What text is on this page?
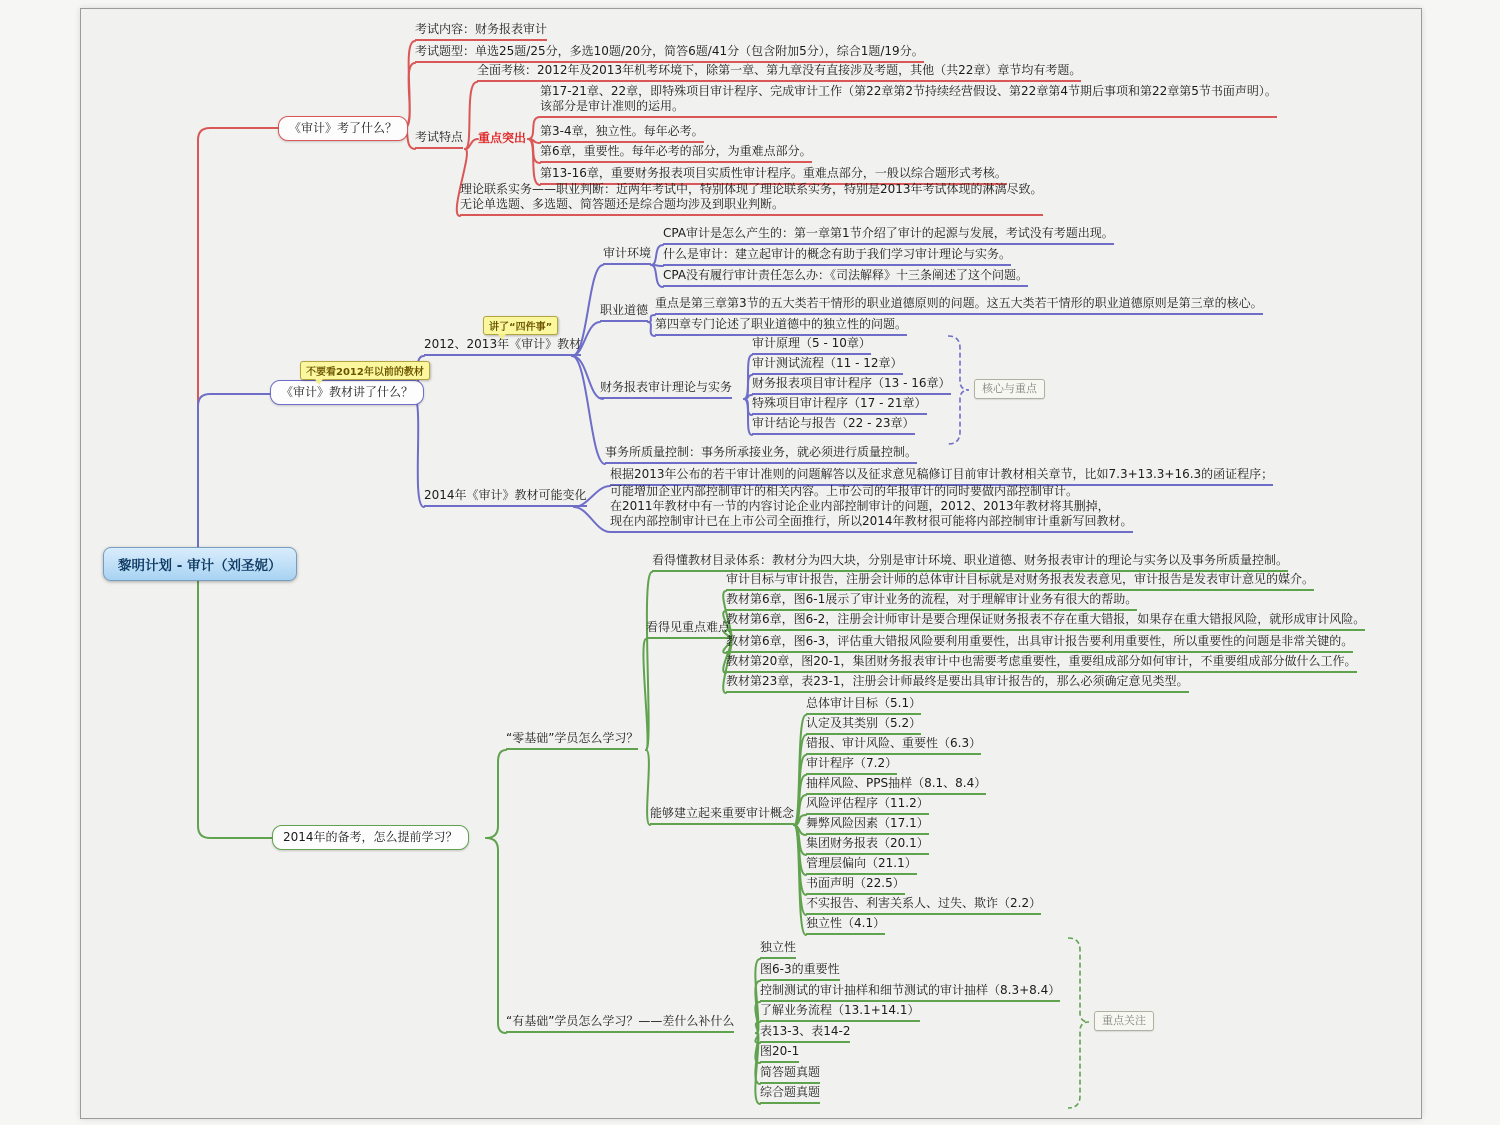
黎明计划 - 审计（刘圣妮）
《审计》考了什么？
考试内容：财务报表审计
考试题型：单选25题/25分，多选10题/20分，简答6题/41分（包含附加5分），综合1题/19分。
考试特点
全面考核：2012年及2013年机考环境下，除第一章、第九章没有直接涉及考题，其他（共22章）章节均有考题。
重点突出
第17-21章、22章，即特殊项目审计程序、完成审计工作（第22章第2节持续经营假设、第22章第4节期后事项和第22章第5节书面声明）。
该部分是审计准则的运用。
第3-4章，独立性。每年必考。
第6章，重要性。每年必考的部分，为重难点部分。
第13-16章，重要财务报表项目实质性审计程序。重难点部分，一般以综合题形式考核。
理论联系实务——职业判断：近两年考试中，特别体现了理论联系实务，特别是2013年考试体现的淋漓尽致。
无论单选题、多选题、简答题还是综合题均涉及到职业判断。
不要看2012年以前的教材
《审计》教材讲了什么？
讲了“四件事”
2012、2013年《审计》教材
审计环境
CPA审计是怎么产生的：第一章第1节介绍了审计的起源与发展，考试没有考题出现。
什么是审计：建立起审计的概念有助于我们学习审计理论与实务。
CPA没有履行审计责任怎么办：《司法解释》十三条阐述了这个问题。
职业道德 重点是第三章第3节的五大类若干情形的职业道德原则的问题。这五大类若干情形的职业道德原则是第三章的核心。
第四章专门论述了职业道德中的独立性的问题。
财务报表审计理论与实务
审计原理（5 - 10章）
审计测试流程（11 - 12章）
财务报表项目审计程序（13 - 16章）
特殊项目审计程序（17 - 21章）
审计结论与报告（22 - 23章）
核心与重点
事务所质量控制：事务所承接业务，就必须进行质量控制。
2014年《审计》教材可能变化
根据2013年公布的若干审计准则的问题解答以及征求意见稿修订目前审计教材相关章节，比如7.3+13.3+16.3的函证程序；
可能增加企业内部控制审计的相关内容。上市公司的年报审计的同时要做内部控制审计。
在2011年教材中有一节的内容讨论企业内部控制审计的问题，2012、2013年教材将其删掉，
现在内部控制审计已在上市公司全面推行，所以2014年教材很可能将内部控制审计重新写回教材。
2014年的备考，怎么提前学习？
“零基础”学员怎么学习？
看得懂教材目录体系：教材分为四大块，分别是审计环境、职业道德、财务报表审计的理论与实务以及事务所质量控制。
看得见重点难点
审计目标与审计报告，注册会计师的总体审计目标就是对财务报表发表意见，审计报告是发表审计意见的媒介。
教材第6章，图6-1展示了审计业务的流程，对于理解审计业务有很大的帮助。
教材第6章，图6-2，注册会计师审计是要合理保证财务报表不存在重大错报，如果存在重大错报风险，就形成审计风险。
教材第6章，图6-3，评估重大错报风险要利用重要性，出具审计报告要利用重要性，所以重要性的问题是非常关键的。
教材第20章，图20-1，集团财务报表审计中也需要考虑重要性，重要组成部分如何审计，不重要组成部分做什么工作。
教材第23章，表23-1，注册会计师最终是要出具审计报告的，那么必须确定意见类型。
能够建立起来重要审计概念
总体审计目标（5.1）
认定及其类别（5.2）
错报、审计风险、重要性（6.3）
审计程序（7.2）
抽样风险、PPS抽样（8.1、8.4）
风险评估程序（11.2）
舞弊风险因素（17.1）
集团财务报表（20.1）
管理层偏向（21.1）
书面声明（22.5）
不实报告、利害关系人、过失、欺诈（2.2）
独立性（4.1）
“有基础”学员怎么学习？——差什么补什么
独立性
图6-3的重要性
控制测试的审计抽样和细节测试的审计抽样（8.3+8.4）
了解业务流程（13.1+14.1）
表13-3、表14-2
图20-1
简答题真题
综合题真题
重点关注
